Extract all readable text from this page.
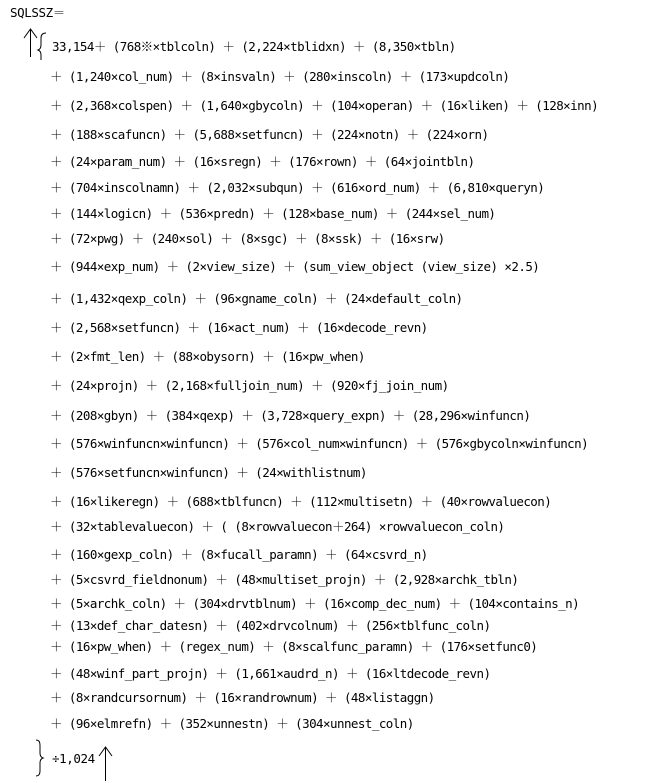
SQLSSZ＝
33,154＋ (768※×tblcoln) ＋ (2,224×tblidxn) ＋ (8,350×tbln)
＋ (1,240×col_num) ＋ (8×insvaln) ＋ (280×inscoln) ＋ (173×updcoln)
＋ (2,368×colspen) ＋ (1,640×gbycoln) ＋ (104×operan) ＋ (16×liken) ＋ (128×inn)
＋ (188×scafuncn) ＋ (5,688×setfuncn) ＋ (224×notn) ＋ (224×orn)
＋ (24×param_num) ＋ (16×sregn) ＋ (176×rown) ＋ (64×jointbln)
＋ (704×inscolnamn) ＋ (2,032×subqun) ＋ (616×ord_num) ＋ (6,810×queryn)
＋ (144×logicn) ＋ (536×predn) ＋ (128×base_num) ＋ (244×sel_num)
＋ (72×pwg) ＋ (240×sol) ＋ (8×sgc) ＋ (8×ssk) ＋ (16×srw)
＋ (944×exp_num) ＋ (2×view_size) ＋ (sum_view_object (view_size) ×2.5)
＋ (1,432×qexp_coln) ＋ (96×gname_coln) ＋ (24×default_coln)
＋ (2,568×setfuncn) ＋ (16×act_num) ＋ (16×decode_revn)
＋ (2×fmt_len) ＋ (88×obysorn) ＋ (16×pw_when)
＋ (24×projn) ＋ (2,168×fulljoin_num) ＋ (920×fj_join_num)
＋ (208×gbyn) ＋ (384×qexp) ＋ (3,728×query_expn) ＋ (28,296×winfuncn)
＋ (576×winfuncn×winfuncn) ＋ (576×col_num×winfuncn) ＋ (576×gbycoln×winfuncn)
＋ (576×setfuncn×winfuncn) ＋ (24×withlistnum)
＋ (16×likeregn) ＋ (688×tblfuncn) ＋ (112×multisetn) ＋ (40×rowvaluecon)
＋ (32×tablevaluecon) ＋ ( (8×rowvaluecon＋264) ×rowvaluecon_coln)
＋ (160×gexp_coln) ＋ (8×fucall_paramn) ＋ (64×csvrd_n)
＋ (5×csvrd_fieldnonum) ＋ (48×multiset_projn) ＋ (2,928×archk_tbln)
＋ (5×archk_coln) ＋ (304×drvtblnum) ＋ (16×comp_dec_num) ＋ (104×contains_n)
＋ (13×def_char_datesn) ＋ (402×drvcolnum) ＋ (256×tblfunc_coln)
＋ (16×pw_when) ＋ (regex_num) ＋ (8×scalfunc_paramn) ＋ (176×setfunc0)
＋ (48×winf_part_projn) ＋ (1,661×audrd_n) ＋ (16×ltdecode_revn)
＋ (8×randcursornum) ＋ (16×randrownum) ＋ (48×listaggn)
＋ (96×elmrefn) ＋ (352×unnestn) ＋ (304×unnest_coln)
÷1,024
